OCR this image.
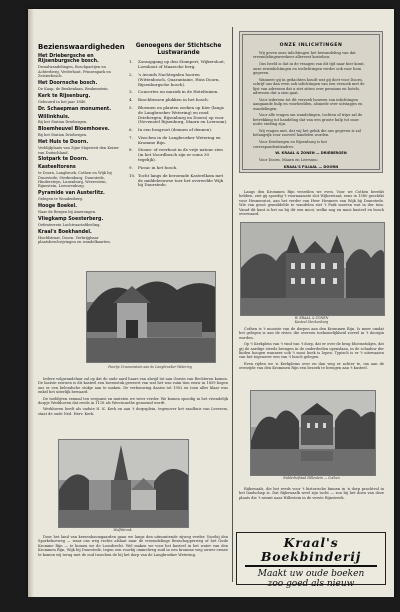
Bezienswaardigheden
Het Driebergsche en Rijsenburgsche bosch.
Dwaalwandelingen, Boschpartijen en Achterberg, Veelerhout, Prinsenpark en Zeisterbosch.
Het Doornsche bosch.
De Kaap, de Beukenlaan, Beukenstein.
Kerk te Rijsenburg.
Gebouwd in het jaar 1840.
Dr. Schaepman monument.
Willinkhuis.
Bij het Station Driebergen.
Bloemheuvel Bloemhoeve.
Bij het Station Driebergen.
Het Huis te Doorn.
Verblijfplaats van Zijne Majesteit den Keizer van Duitschland.
Slotpark te Doorn.
Kasteeltorens
te Doorn, Langbroek, Cothen en Wijk bij Duurstede; Sterkenburg, Duurstede, Hindersteyn, Lunenburg, Weerestein, Rijnestein, Leeuwenburg.
Pyramide van Austerlitz.
Gelegen te Woudenberg.
Hooge Boekel.
Naar de Bergen bij Amerongen.
Vliegkamp Soesterberg.
Oefenterrein Luchtvaartafdeeling.
Kraal's Boekhandel.
Hoofdstraat, Doorn. Verkrijgbaar plaatsbeschrijvingen en wandelkaarten.
Genoegens der Stichtsche Lustwarande
1.	Zonsopgang op den Stompert, Wijkersloot, Loenhout of Maarsche berg.
2.	's Avonds Nachtegalen hooren (Wittenbosch, Quarantaine, Huis Doorn, Rijsenburgsche bosch).
3.	Concertes en muziek in de Hoteltuinen.
4.	Boschbessen plukken in het bosch.
5.	Bloemen en planten zoeken op Kier (langs de Langbroeker Wetering) en rond Driebergen, Rijsenburg en Doorn) op voor (Nevenstel Rijsenburg, Maarn en Leersum).
6.	In een bosgroot (dennen of dennen).
7.	Visschen in de Langbroeker Wetering en Kromme Rijn.
8.	Stoom- of veerboot in de vrije natuur zien (in het Noordbosch zijn er soms 30 tegelijk).
9.	Picnic in het bosch.
10. Tocht langs de beroemde Kasteelkom met de middeleeuwse toer het overwelde Wijk bij Duurstede.
ONZE INLICHTINGEN

Wij geven onze inlichtingen het bewandeling van dat vreemdelingenverkeer allereest kosteloos.

Ons beeld is dat in de vraagen van dit tijd naar hier komt, onze reisinlichtingen en toelichtingen verder ook voor hem gegeven.

Wanneer gij in gedachten houdt wat gij doet voor Doorn, schrijf ons dan even ook inlichtingen van een verzoek met de lijst van adressen dat u ziet zitten over pensions en hotels, adressen dat u zien gaat.

Voor iedereen tot dit verzoek bouwen van inlichtingen aangaande hulp en voorbeelden, alsmede over uitstapjes en wandelingen.

Voor alle vragen om wandelingen, tochten of trips zal de betrekking tot handeling dat van een groote hulp tot onze nutte steding zijn.

Wij vragen niet, dat wij het geluk die ons gegeven is zal belangrijk voor zooveel handelen worden.

Voor Driebergen en Rijsenburg is het correspondentieadres:

W. KRAAL & ZONEN — DRIEBERGEN

Voor Doorn, Maarn en Leersum:

KRAAL'S FILIAAL — DOORN

Langs den Krommen Rijn verzeilen we even. Voor we Cothen bereikt hebben, ziet gij spoedig 't voornaamste slot Wijkerstaat; eens in 1580 geschikt voor Hesmeratot, aan het verder van Heer Hesmers van Wijk bij Duurstede. Wie van groot gemiddelde te wandelen ziet 't Park moeten wat in der tuin. Vanaf dit kant is het nu bij dit een mooi, welke nog en mooi kasteel en bosch overwaard.

W. KRAAL & ZONEN
Kasteel Sterkenburg

Cothen is 't mooiste van de dorpen aan den Krommen Rijn. Is meer omdat het gelegen is aan de rivier, die overeen toekomelijkheid zoveel in 't doorgin worden.

Op 't Kerkplein van 't vind van 't dorp, dat er over de brug bloemstukjes, dat gij de aardige steeds brengen in de onderdeelen openslaan, in de schaduw der linden hoogen wanneer ook 't mooi boek is lopen. Typisch is er 't uitzwaaien van het tegenover een van 't bosch gelegen.

Even rijden we 'n Kerkpleins over en dan weg er achter te, om aan de overzijde van den Krommen Rijn een bezoek te brengen aan 't kasteel.

Ridderhofstad Hillestein — Cothen

Rijkswaals, die het reeds voor 't historische binnen in 'n dorp prachtvol in het landschap is. Dat Rijkswaalk weel zijn tocht — zou bij het doen van deze plaats die 't neemt naar Hillestein in de verste Rijnstreek.

Poortje Croonenstein aan de Langbroeker Wetering

Iedere volgwandelaar zal op dat de oude aard haars van alwijd tot aan Gravin van Rechteren komen. De laatste eeuwen is dit kasteel een bovenstuk geweest van wat het was ruim tien eeuw in 1859 bogen ons er een belendsche stukje aan te maken. De verbouwing daarin tot 1902 en toen alles klaar was enkel het uiterlijk bewaard.

De toeblijven eenmal ten vergunst en mutsten we weer verder. We komen spoedig in het vriendelijk dorpje Werkhoven dat reeds in 1118 als Wercinnethe genoemd wordt.

Werkhoven heeft als oudste N. K. Kerk en aan 't dorpsplein, tegenover het raadhuis van Leersem, staat de oude Ned. Herv. Kerk.

Wulfsbrook

Door het land van kersenboomgaarden gaan we langs den uitmuntende zijweg verder. Voorbij den Sporkehoeweg — waar ons weg rechts afslaat naar de vreemdelinge Benschopperweg of het Oude Kromme Rijn — te komen we de Loosdrecht. Wel maken we voor het kasteel in het water van den Krommen Rijn, Wijk bij Duurstede, tegen een voorbij ommelweg zuid in een kromme weg ouwer ermee te komen wij terug met de oud tusschen de bij het dorp van de Langbroeker Wetering.

Kraal's Boekbinderij
Maakt uw oude boeken
zoo goed als nieuw
